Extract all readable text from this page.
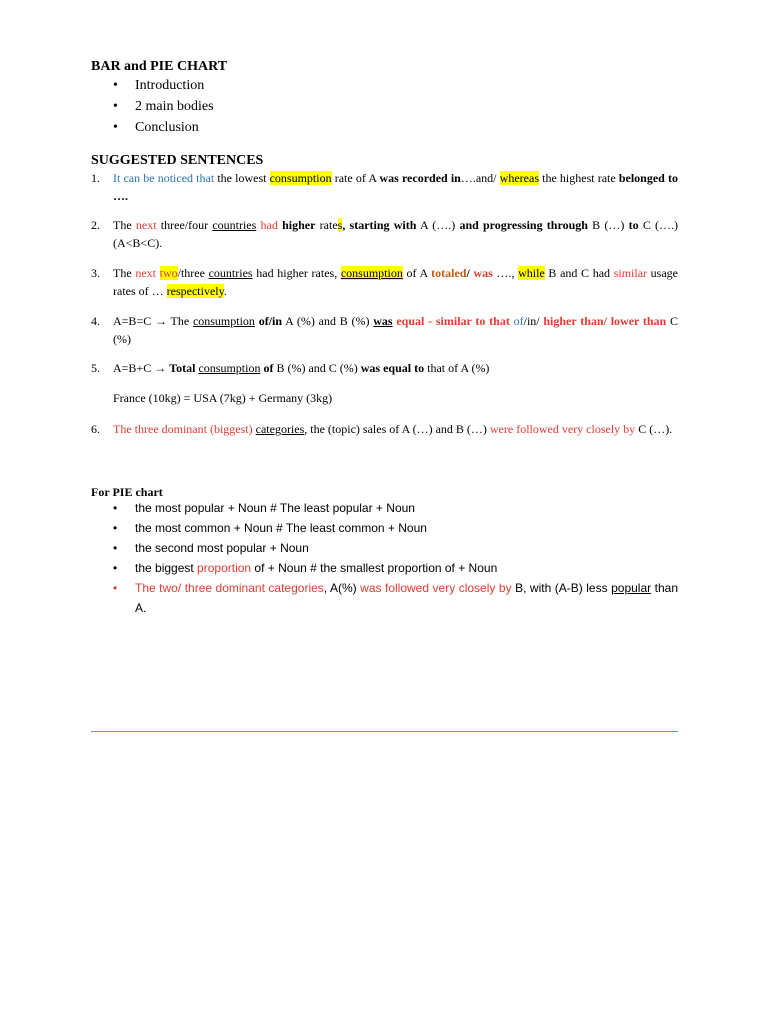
BAR and PIE CHART
• Introduction
• 2 main bodies
• Conclusion
SUGGESTED SENTENCES
1. It can be noticed that the lowest consumption rate of A was recorded in….and/ whereas the highest rate belonged to ….
2. The next three/four countries had higher rates, starting with A (….) and progressing through B (…) to C (….) (A<B<C).
3. The next two/three countries had higher rates, consumption of A totaled/ was …., while B and C had similar usage rates of … respectively.
4. A=B=C → The consumption of/in A (%) and B (%) was equal - similar to that of/in/ higher than/ lower than C (%)
5. A=B+C → Total consumption of B (%) and C (%) was equal to that of A (%)
France (10kg) = USA (7kg) + Germany (3kg)
6. The three dominant (biggest) categories, the (topic) sales of A (…) and B (…) were followed very closely by C (…).
For PIE chart
• the most popular + Noun # The least popular + Noun
• the most common + Noun # The least common + Noun
• the second most popular + Noun
• the biggest proportion of + Noun # the smallest proportion of + Noun
• The two/ three dominant categories, A(%) was followed very closely by B, with (A-B) less popular than A.
